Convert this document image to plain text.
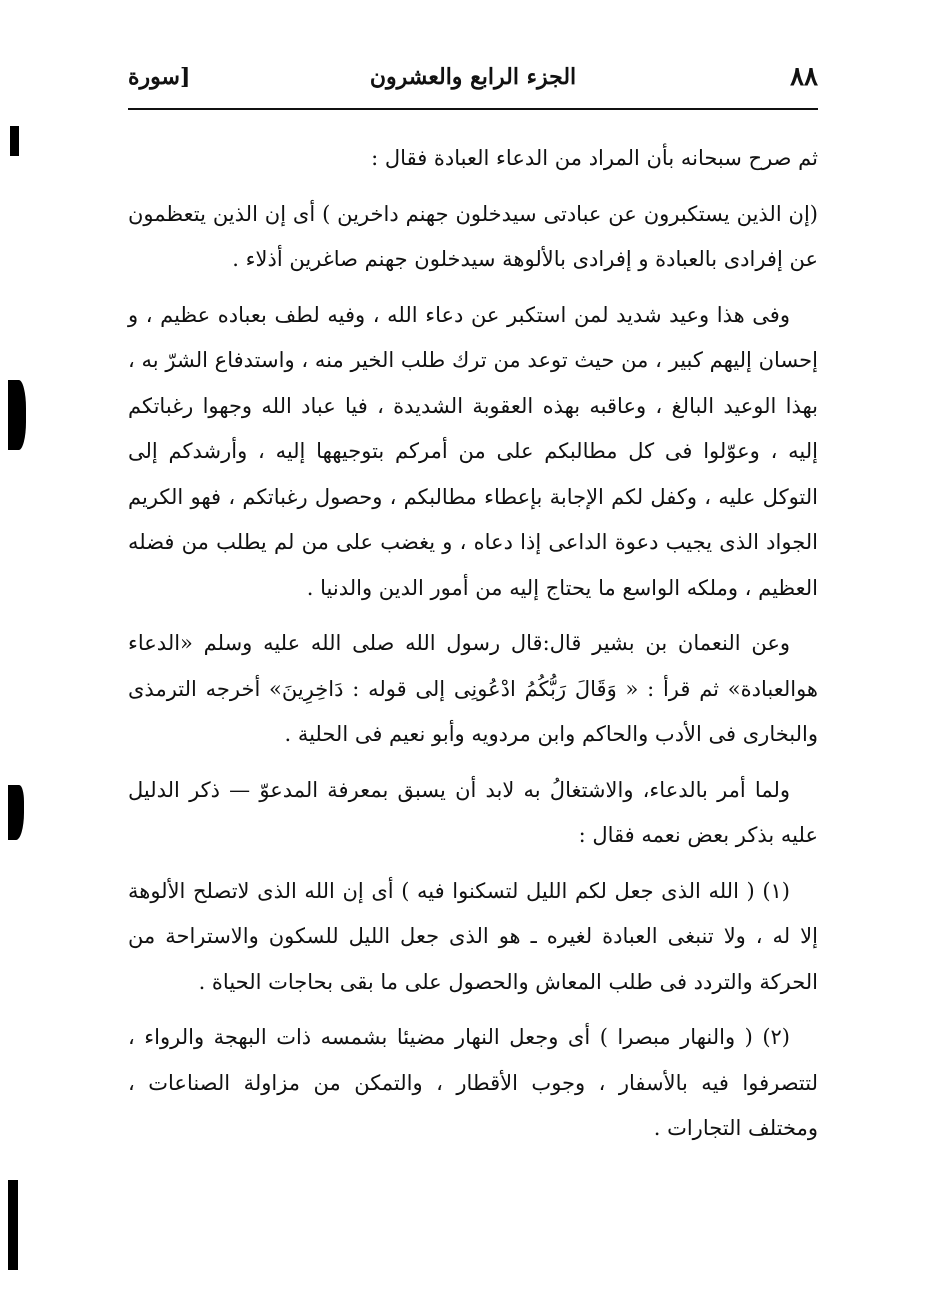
٨٨
الجزء الرابع والعشرون
[سورة

ثم صرح سبحانه بأن المراد من الدعاء العبادة فقال :

(إن الذين يستكبرون عن عبادتى سيدخلون جهنم داخرين ) أى إن الذين يتعظمون عن إفرادى بالعبادة و إفرادى بالألوهة سيدخلون جهنم صاغرين أذلاء .

وفى هذا وعيد شديد لمن استكبر عن دعاء الله ، وفيه لطف بعباده عظيم ، و إحسان إليهم كبير ، من حيث توعد من ترك طلب الخير منه ، واستدفاع الشرّ به ، بهذا الوعيد البالغ ، وعاقبه بهذه العقوبة الشديدة ، فيا عباد الله وجهوا رغباتكم إليه ، وعوّلوا فى كل مطالبكم على من أمركم بتوجيهها إليه ، وأرشدكم إلى التوكل عليه ، وكفل لكم الإجابة بإعطاء مطالبكم ، وحصول رغباتكم ، فهو الكريم الجواد الذى يجيب دعوة الداعى إذا دعاه ، و يغضب على من لم يطلب من فضله العظيم ، وملكه الواسع ما يحتاج إليه من أمور الدين والدنيا .

وعن النعمان بن بشير قال:قال رسول الله صلى الله عليه وسلم «الدعاء هوالعبادة» ثم قرأ : « وَقَالَ رَبُّكُمُ ادْعُونِى إلى قوله : دَاخِرِينَ» أخرجه الترمذى والبخارى فى الأدب والحاكم وابن مردويه وأبو نعيم فى الحلية .

ولما أمر بالدعاء، والاشتغالُ به لابد أن يسبق بمعرفة المدعوّ — ذكر الدليل عليه بذكر بعض نعمه فقال :

(١) ( الله الذى جعل لكم الليل لتسكنوا فيه ) أى إن الله الذى لاتصلح الألوهة إلا له ، ولا تنبغى العبادة لغيره ـ هو الذى جعل الليل للسكون والاستراحة من الحركة والتردد فى طلب المعاش والحصول على ما بقى بحاجات الحياة .

(٢) ( والنهار مبصرا ) أى وجعل النهار مضيئا بشمسه ذات البهجة والرواء ، لتتصرفوا فيه بالأسفار ، وجوب الأقطار ، والتمكن من مزاولة الصناعات ، ومختلف التجارات .
